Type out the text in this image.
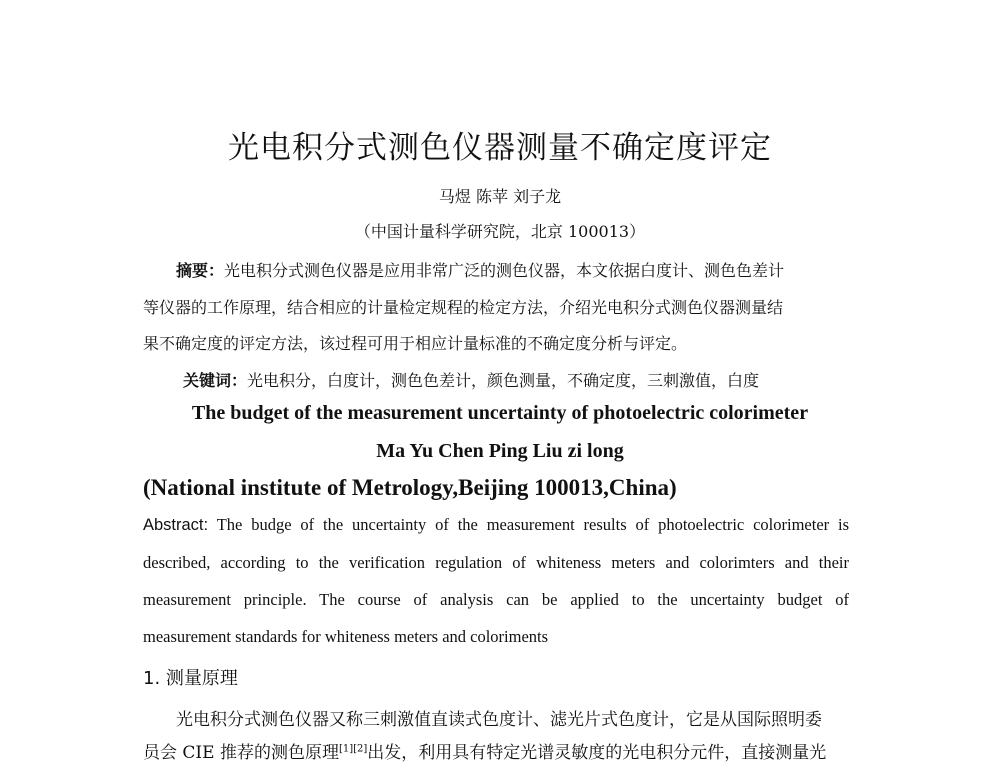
光电积分式测色仪器测量不确定度评定
马煜 陈苹 刘子龙
（中国计量科学研究院，北京 100013）
摘要：光电积分式测色仪器是应用非常广泛的测色仪器，本文依据白度计、测色色差计
等仪器的工作原理，结合相应的计量检定规程的检定方法，介绍光电积分式测色仪器测量结
果不确定度的评定方法，该过程可用于相应计量标准的不确定度分析与评定。
关键词：光电积分，白度计，测色色差计，颜色测量，不确定度，三刺激值，白度
The budget of the measurement uncertainty of photoelectric colorimeter
Ma Yu Chen Ping Liu zi long
(National institute of Metrology,Beijing 100013,China)
Abstract: The budge of the uncertainty of the measurement results of photoelectric colorimeter is
described, according to the verification regulation of whiteness meters and colorimters and their
measurement principle. The course of analysis can be applied to the uncertainty budget of
measurement standards for whiteness meters and coloriments
1. 测量原理
光电积分式测色仪器又称三刺激值直读式色度计、滤光片式色度计，它是从国际照明委
员会 CIE 推荐的测色原理[1][2]出发，利用具有特定光谱灵敏度的光电积分元件，直接测量光
